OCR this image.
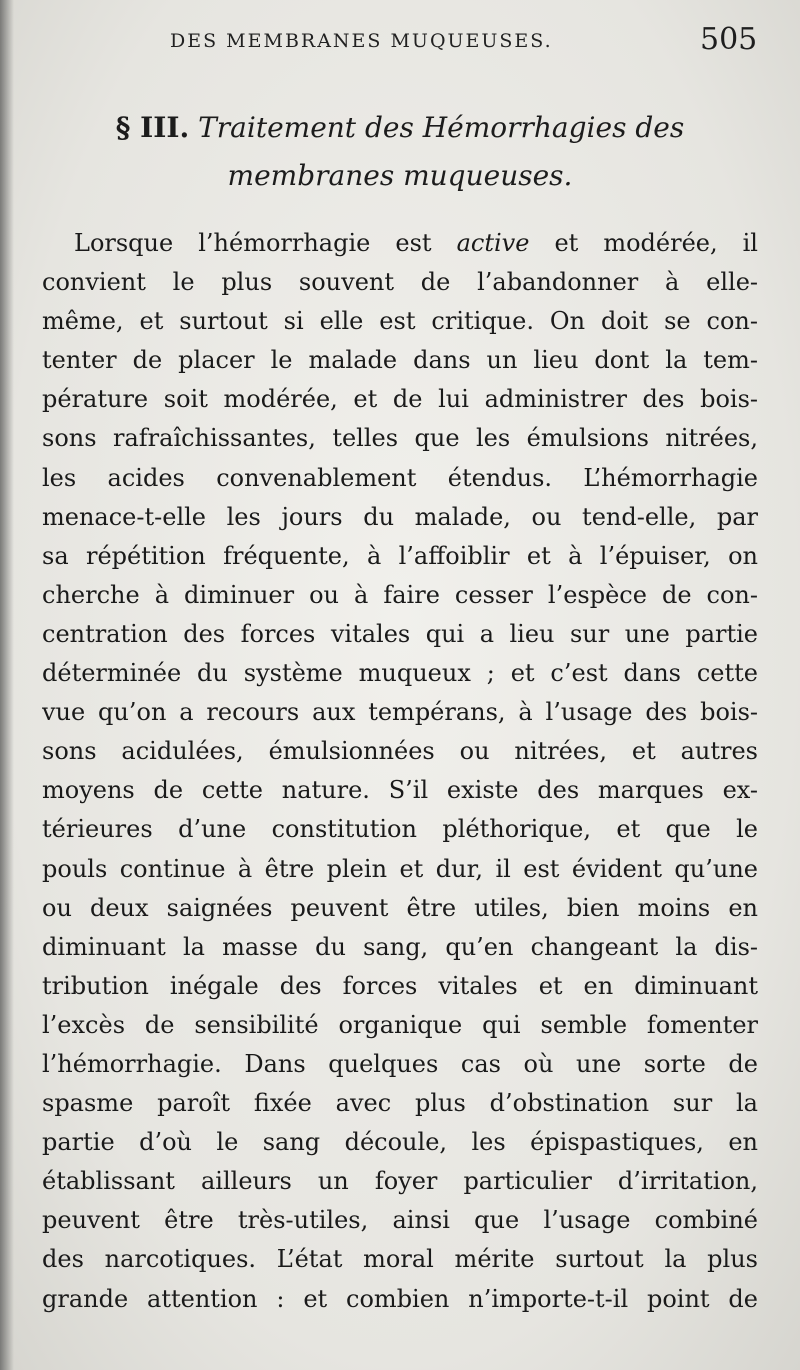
DES MEMBRANES MUQUEUSES.	505
§ III. Traitement des Hémorrhagies des
membranes muqueuses.
Lorsque l’hémorrhagie est active et modérée, il
convient le plus souvent de l’abandonner à elle-
même, et surtout si elle est critique. On doit se con-
tenter de placer le malade dans un lieu dont la tem-
pérature soit modérée, et de lui administrer des bois-
sons rafraîchissantes, telles que les émulsions nitrées,
les acides convenablement étendus. L’hémorrhagie
menace-t-elle les jours du malade, ou tend-elle, par
sa répétition fréquente, à l’affoiblir et à l’épuiser, on
cherche à diminuer ou à faire cesser l’espèce de con-
centration des forces vitales qui a lieu sur une partie
déterminée du système muqueux ; et c’est dans cette
vue qu’on a recours aux tempérans, à l’usage des bois-
sons acidulées, émulsionnées ou nitrées, et autres
moyens de cette nature. S’il existe des marques ex-
térieures d’une constitution pléthorique, et que le
pouls continue à être plein et dur, il est évident qu’une
ou deux saignées peuvent être utiles, bien moins en
diminuant la masse du sang, qu’en changeant la dis-
tribution inégale des forces vitales et en diminuant
l’excès de sensibilité organique qui semble fomenter
l’hémorrhagie. Dans quelques cas où une sorte de
spasme paroît fixée avec plus d’obstination sur la
partie d’où le sang découle, les épispastiques, en
établissant ailleurs un foyer particulier d’irritation,
peuvent être très-utiles, ainsi que l’usage combiné
des narcotiques. L’état moral mérite surtout la plus
grande attention : et combien n’importe-t-il point de
